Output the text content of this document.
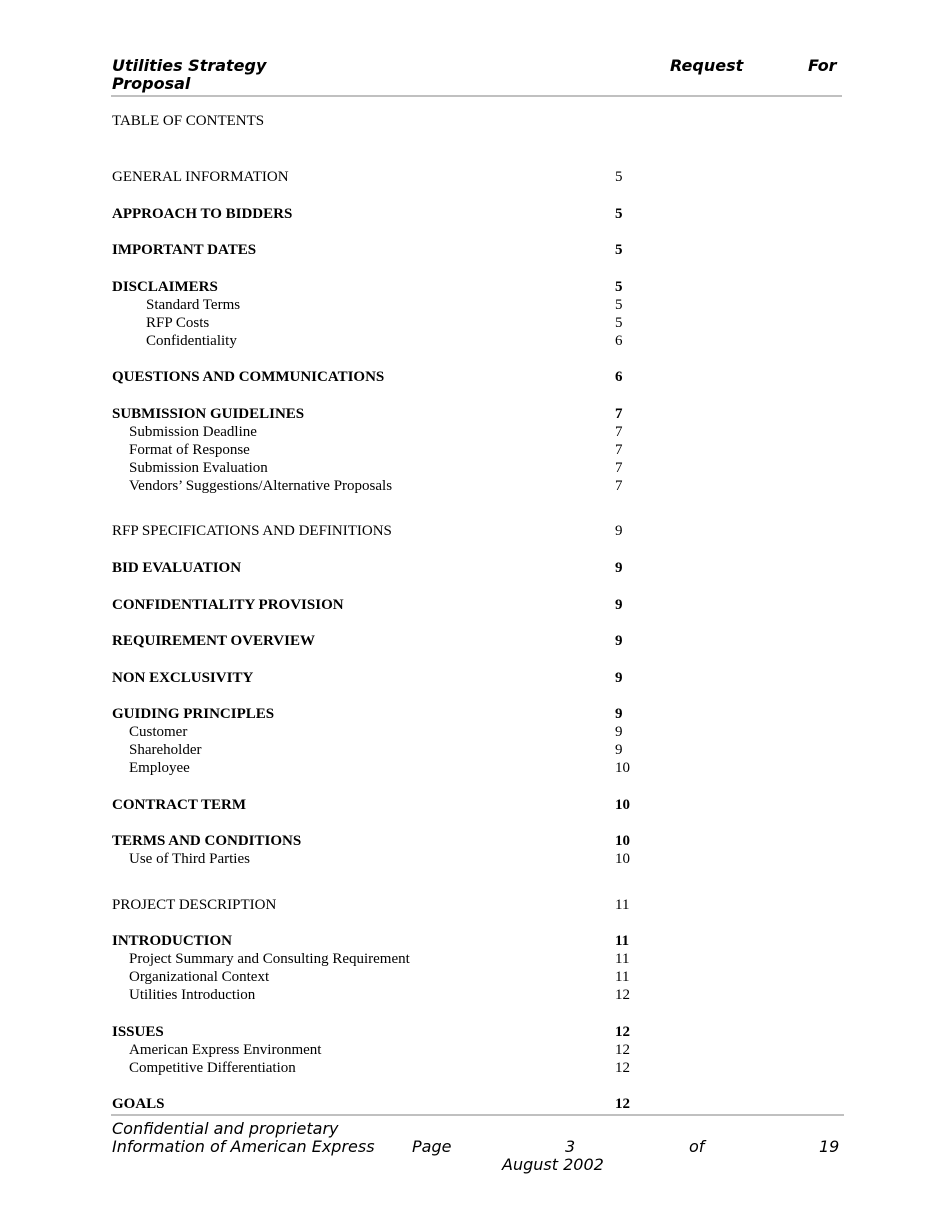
Utilities Strategy
Proposal
Request	For
TABLE OF CONTENTS
GENERAL INFORMATION	5
APPROACH TO BIDDERS	5
IMPORTANT DATES	5
DISCLAIMERS	5
Standard Terms	5
RFP Costs	5
Confidentiality	6
QUESTIONS AND COMMUNICATIONS	6
SUBMISSION GUIDELINES	7
Submission Deadline	7
Format of Response	7
Submission Evaluation	7
Vendors’ Suggestions/Alternative Proposals	7
RFP SPECIFICATIONS AND DEFINITIONS	9
BID EVALUATION	9
CONFIDENTIALITY PROVISION	9
REQUIREMENT OVERVIEW	9
NON EXCLUSIVITY	9
GUIDING PRINCIPLES	9
Customer	9
Shareholder	9
Employee	10
CONTRACT TERM	10
TERMS AND CONDITIONS	10
Use of Third Parties	10
PROJECT DESCRIPTION	11
INTRODUCTION	11
Project Summary and Consulting Requirement	11
Organizational Context	11
Utilities Introduction	12
ISSUES	12
American Express Environment	12
Competitive Differentiation	12
GOALS	12
Confidential and proprietary
Information of American Express Page	3	of	19
August 2002
